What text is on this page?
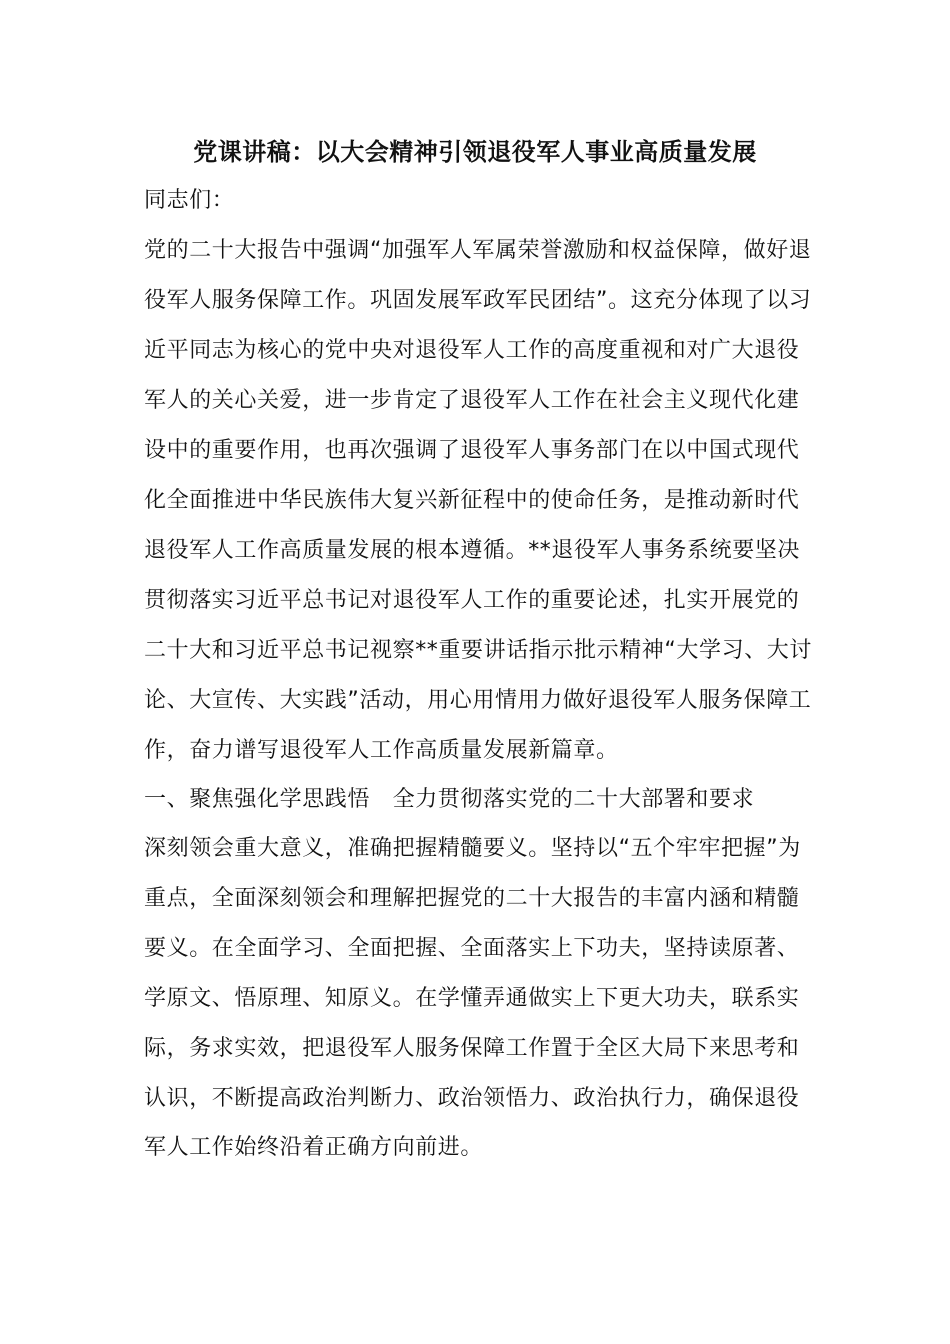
党课讲稿：以大会精神引领退役军人事业高质量发展
同志们：
党的二十大报告中强调“加强军人军属荣誉激励和权益保障，做好退
役军人服务保障工作。巩固发展军政军民团结”。这充分体现了以习
近平同志为核心的党中央对退役军人工作的高度重视和对广大退役
军人的关心关爱，进一步肯定了退役军人工作在社会主义现代化建
设中的重要作用，也再次强调了退役军人事务部门在以中国式现代
化全面推进中华民族伟大复兴新征程中的使命任务，是推动新时代
退役军人工作高质量发展的根本遵循。**退役军人事务系统要坚决
贯彻落实习近平总书记对退役军人工作的重要论述，扎实开展党的
二十大和习近平总书记视察**重要讲话指示批示精神“大学习、大讨
论、大宣传、大实践”活动，用心用情用力做好退役军人服务保障工
作，奋力谱写退役军人工作高质量发展新篇章。
一、聚焦强化学思践悟　全力贯彻落实党的二十大部署和要求
深刻领会重大意义，准确把握精髓要义。坚持以“五个牢牢把握”为
重点，全面深刻领会和理解把握党的二十大报告的丰富内涵和精髓
要义。在全面学习、全面把握、全面落实上下功夫，坚持读原著、
学原文、悟原理、知原义。在学懂弄通做实上下更大功夫，联系实
际，务求实效，把退役军人服务保障工作置于全区大局下来思考和
认识，不断提高政治判断力、政治领悟力、政治执行力，确保退役
军人工作始终沿着正确方向前进。
